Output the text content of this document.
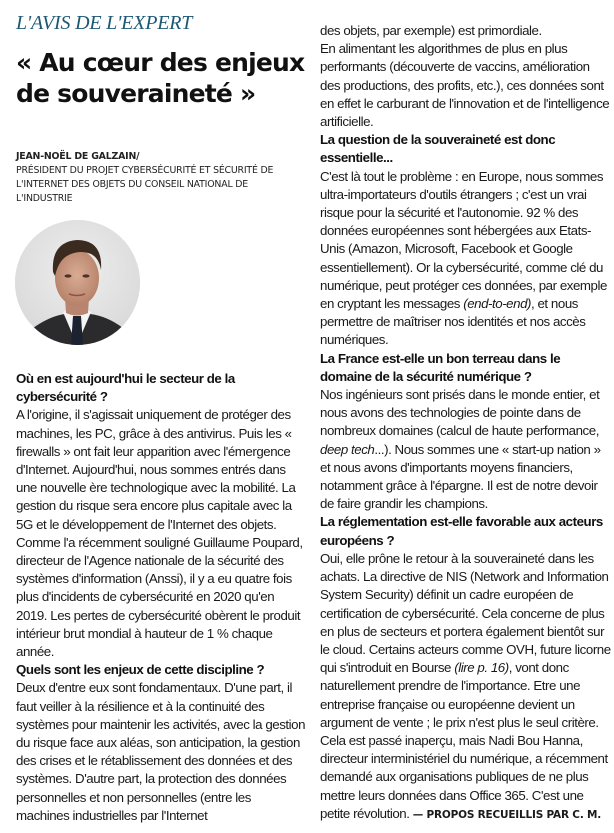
L'AVIS DE L'EXPERT
« Au cœur des enjeux de souveraineté »
JEAN-NOËL DE GALZAIN/
PRÉSIDENT DU PROJET CYBERSÉCURITÉ ET SÉCURITÉ DE L'INTERNET DES OBJETS DU CONSEIL NATIONAL DE L'INDUSTRIE
Où en est aujourd'hui le secteur de la cybersécurité ?

A l'origine, il s'agissait uniquement de protéger des machines, les PC, grâce à des antivirus. Puis les « firewalls » ont fait leur apparition avec l'émergence d'Internet. Aujourd'hui, nous sommes entrés dans une nouvelle ère technologique avec la mobilité. La gestion du risque sera encore plus capitale avec la 5G et le développement de l'Internet des objets. Comme l'a récemment souligné Guillaume Poupard, directeur de l'Agence nationale de la sécurité des systèmes d'information (Anssi), il y a eu quatre fois plus d'incidents de cybersécurité en 2020 qu'en 2019. Les pertes de cybersécurité obèrent le produit intérieur brut mondial à hauteur de 1 % chaque année.

Quels sont les enjeux de cette discipline ?

Deux d'entre eux sont fondamentaux. D'une part, il faut veiller à la résilience et à la continuité des systèmes pour maintenir les activités, avec la gestion du risque face aux aléas, son anticipation, la gestion des crises et le rétablissement des données et des systèmes. D'autre part, la protection des données personnelles et non personnelles (entre les machines industrielles par l'Internet

des objets, par exemple) est primordiale.

En alimentant les algorithmes de plus en plus performants (découverte de vaccins, amélioration des productions, des profits, etc.), ces données sont en effet le carburant de l'innovation et de l'intelligence artificielle.

La question de la souveraineté est donc essentielle...

C'est là tout le problème : en Europe, nous sommes ultra-importateurs d'outils étrangers ; c'est un vrai risque pour la sécurité et l'autonomie. 92 % des données européennes sont hébergées aux Etats-Unis (Amazon, Microsoft, Facebook et Google essentiellement). Or la cybersécurité, comme clé du numérique, peut protéger ces données, par exemple en cryptant les messages (end-to-end), et nous permettre de maîtriser nos identités et nos accès numériques.

La France est-elle un bon terreau dans le domaine de la sécurité numérique ?

Nos ingénieurs sont prisés dans le monde entier, et nous avons des technologies de pointe dans de nombreux domaines (calcul de haute performance, deep tech...). Nous sommes une « start-up nation » et nous avons d'importants moyens financiers, notamment grâce à l'épargne. Il est de notre devoir de faire grandir les champions.

La réglementation est-elle favorable aux acteurs européens ?

Oui, elle prône le retour à la souveraineté dans les achats. La directive de NIS (Network and Information System Security) définit un cadre européen de certification de cybersécurité. Cela concerne de plus en plus de secteurs et portera également bientôt sur le cloud. Certains acteurs comme OVH, future licorne qui s'introduit en Bourse (lire p. 16), vont donc naturellement prendre de l'importance. Etre une entreprise française ou européenne devient un argument de vente ; le prix n'est plus le seul critère. Cela est passé inaperçu, mais Nadi Bou Hanna, directeur interministériel du numérique, a récemment demandé aux organisations publiques de ne plus mettre leurs données dans Office 365. C'est une petite révolution. — PROPOS RECUEILLIS PAR C. M.
